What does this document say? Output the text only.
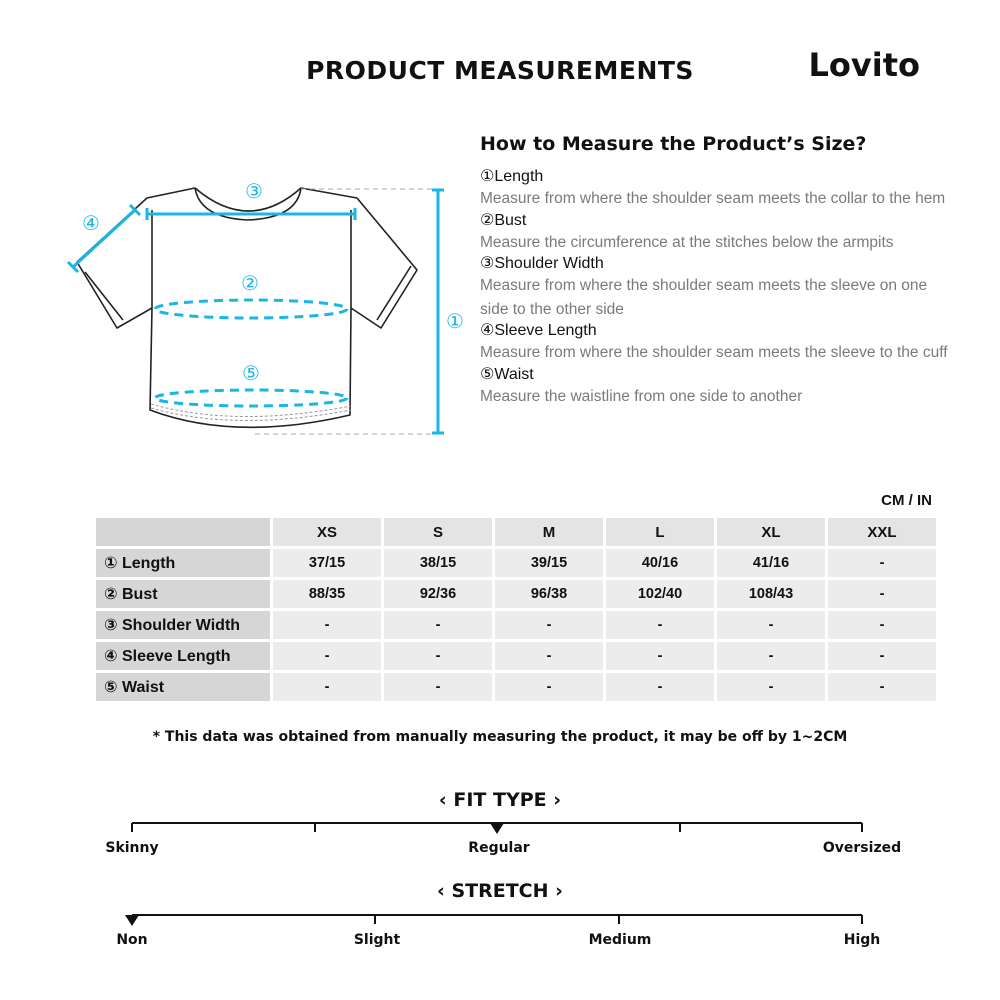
PRODUCT MEASUREMENTS	Lovito
③
④
②
⑤
①
How to Measure the Product’s Size?
①Length
Measure from where the shoulder seam meets the collar to the hem
②Bust
Measure the circumference at the stitches below the armpits
③Shoulder Width
Measure from where the shoulder seam meets the sleeve on one side to the other side
④Sleeve Length
Measure from where the shoulder seam meets the sleeve to the cuff
⑤Waist
Measure the waistline from one side to another
CM / IN
	XS	S	M	L	XL	XXL
① Length	37/15	38/15	39/15	40/16	41/16	-
② Bust	88/35	92/36	96/38	102/40	108/43	-
③ Shoulder Width	-	-	-	-	-	-
④ Sleeve Length	-	-	-	-	-	-
⑤ Waist	-	-	-	-	-	-
* This data was obtained from manually measuring the product, it may be off by 1~2CM
‹ FIT TYPE ›
Skinny	Regular	Oversized
‹ STRETCH ›
Non	Slight	Medium	High
